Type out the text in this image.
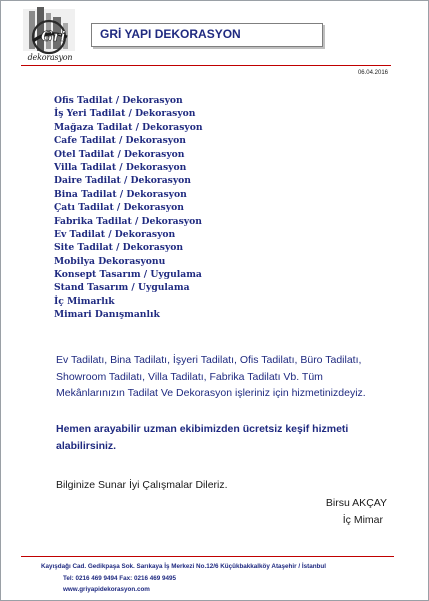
Gri
dekorasyon
GRİ YAPI DEKORASYON
06.04.2016
Ofis Tadilat / Dekorasyon
İş Yeri Tadilat / Dekorasyon
Mağaza Tadilat / Dekorasyon
Cafe Tadilat / Dekorasyon
Otel Tadilat / Dekorasyon
Villa Tadilat / Dekorasyon
Daire Tadilat / Dekorasyon
Bina Tadilat / Dekorasyon
Çatı Tadilat / Dekorasyon
Fabrika Tadilat / Dekorasyon
Ev Tadilat / Dekorasyon
Site Tadilat / Dekorasyon
Mobilya Dekorasyonu
Konsept Tasarım / Uygulama
Stand Tasarım / Uygulama
İç Mimarlık
Mimari Danışmanlık

Ev Tadilatı, Bina Tadilatı, İşyeri Tadilatı, Ofis Tadilatı, Büro Tadilatı, Showroom Tadilatı, Villa Tadilatı, Fabrika Tadilatı Vb. Tüm Mekânlarınızın Tadilat Ve Dekorasyon işleriniz için hizmetinizdeyiz.

Hemen arayabilir uzman ekibimizden ücretsiz keşif hizmeti alabilirsiniz.

Bilginize Sunar İyi Çalışmalar Dileriz.

Birsu AKÇAY
İç Mimar
Kayışdağı Cad. Gedikpaşa Sok. Sarıkaya İş Merkezi No.12/6 Küçükbakkalköy Ataşehir / İstanbul
Tel: 0216 469 9494 Fax: 0216 469 9495
www.griyapidekorasyon.com
